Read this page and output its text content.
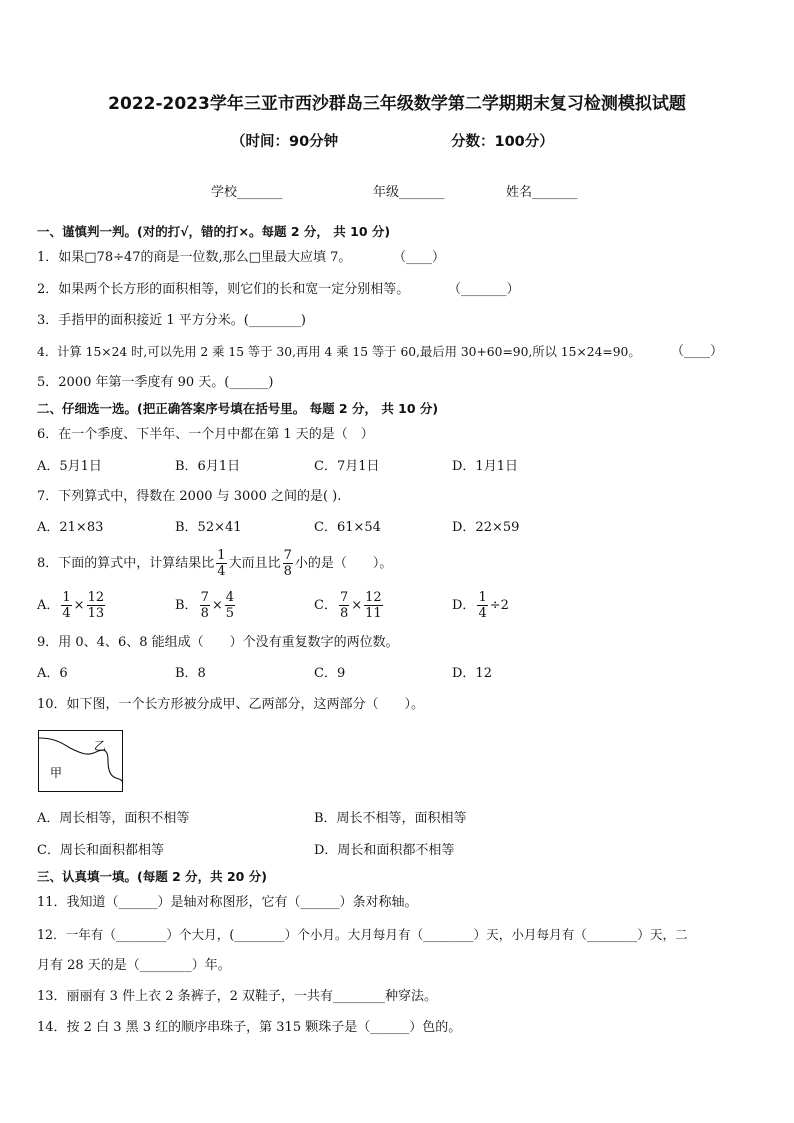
2022-2023学年三亚市西沙群岛三年级数学第二学期期末复习检测模拟试题
（时间：90分钟	分数：100分）
学校_______	年级_______	姓名_______
一、谨慎判一判。(对的打√，错的打×。每题 2 分， 共 10 分)
1．如果□78÷47的商是一位数,那么□里最大应填 7。	（____）
2．如果两个长方形的面积相等，则它们的长和宽一定分别相等。	（_______）
3．手指甲的面积接近 1 平方分米。(________)
4．计算 15×24 时,可以先用 2 乘 15 等于 30,再用 4 乘 15 等于 60,最后用 30+60=90,所以 15×24=90。 （____）
5．2000 年第一季度有 90 天。(______)
二、仔细选一选。(把正确答案序号填在括号里。 每题 2 分， 共 10 分)
6．在一个季度、下半年、一个月中都在第 1 天的是（　）
A．5月1日	B．6月1日	C．7月1日	D．1月1日
7．下列算式中，得数在 2000 与 3000 之间的是( ).
A．21×83	B．52×41	C．61×54	D．22×59
8．下面的算式中，计算结果比 $\frac{1}{4}$ 大而且比 $\frac{7}{8}$ 小的是（　　）。
A． $\frac{1}{4} \times \frac{12}{13}$	B． $\frac{7}{8} \times \frac{4}{5}$	C． $\frac{7}{8} \times \frac{12}{11}$	D． $\frac{1}{4} \div 2$
9．用 0、4、6、8 能组成（　　）个没有重复数字的两位数。
A．6	B．8	C．9	D．12
10．如下图，一个长方形被分成甲、乙两部分，这两部分（　　）。
甲
乙
A．周长相等，面积不相等	B．周长不相等，面积相等
C．周长和面积都相等	D．周长和面积都不相等
三、认真填一填。(每题 2 分，共 20 分)
11．我知道（______）是轴对称图形，它有（______）条对称轴。
12．一年有（________）个大月，(________）个小月。大月每月有（________）天，小月每月有（________）天，二
月有 28 天的是（________）年。
13．丽丽有 3 件上衣 2 条裤子，2 双鞋子，一共有________种穿法。
14．按 2 白 3 黑 3 红的顺序串珠子，第 315 颗珠子是（______）色的。
